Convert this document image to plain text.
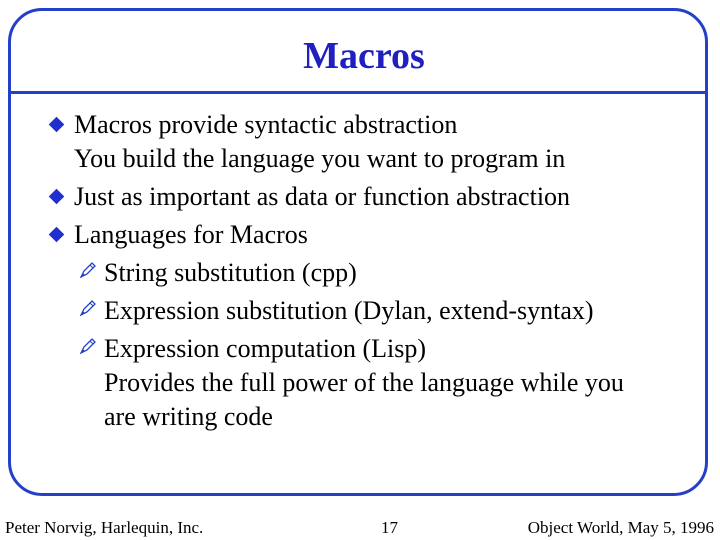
Macros
Macros provide syntactic abstraction
You build the language you want to program in
Just as important as data or function abstraction
Languages for Macros
String substitution (cpp)
Expression substitution (Dylan, extend-syntax)
Expression computation (Lisp)
Provides the full power of the language while you
are writing code
Peter Norvig, Harlequin, Inc.	17	Object World, May 5, 1996
